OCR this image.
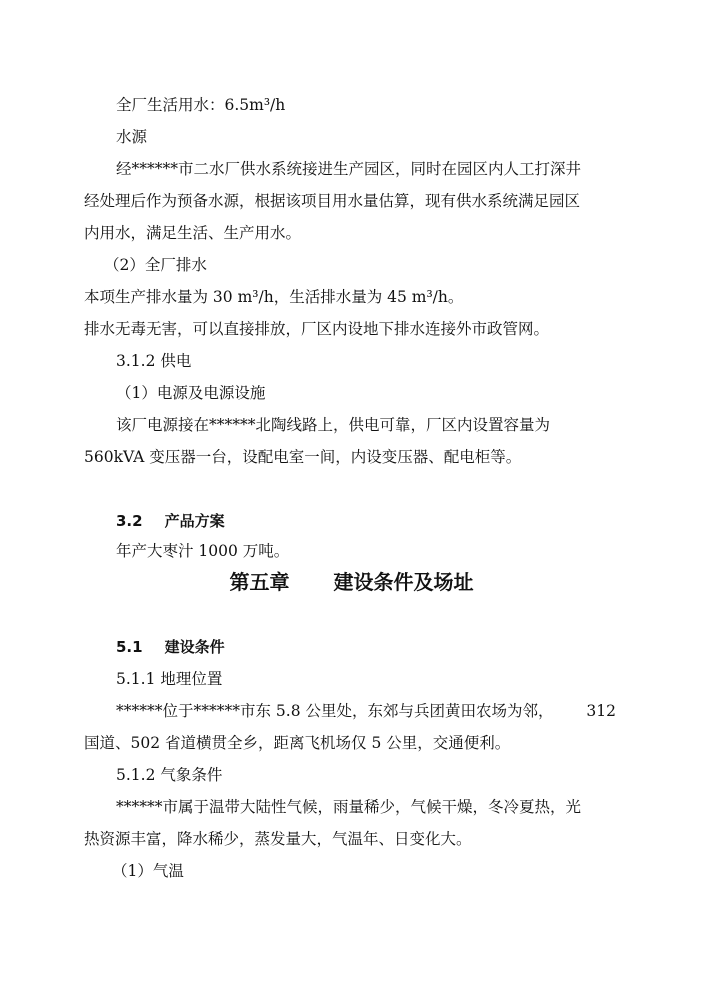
全厂生活用水：6.5m³/h
水源
经******市二水厂供水系统接进生产园区，同时在园区内人工打深井
经处理后作为预备水源，根据该项目用水量估算，现有供水系统满足园区
内用水，满足生活、生产用水。
（2）全厂排水
本项生产排水量为 30 m³/h，生活排水量为 45 m³/h。
排水无毒无害，可以直接排放，厂区内设地下排水连接外市政管网。
3.1.2 供电
（1）电源及电源设施
该厂电源接在******北陶线路上，供电可靠，厂区内设置容量为
560kVA 变压器一台，设配电室一间，内设变压器、配电柜等。
3.2 产品方案
年产大枣汁 1000 万吨。
第五章 建设条件及场址
5.1 建设条件
5.1.1 地理位置
******位于******市东 5.8 公里处，东郊与兵团黄田农场为邻， 312
国道、502 省道横贯全乡，距离飞机场仅 5 公里，交通便利。
5.1.2 气象条件
******市属于温带大陆性气候，雨量稀少，气候干燥，冬冷夏热，光
热资源丰富，降水稀少，蒸发量大，气温年、日变化大。
（1）气温
